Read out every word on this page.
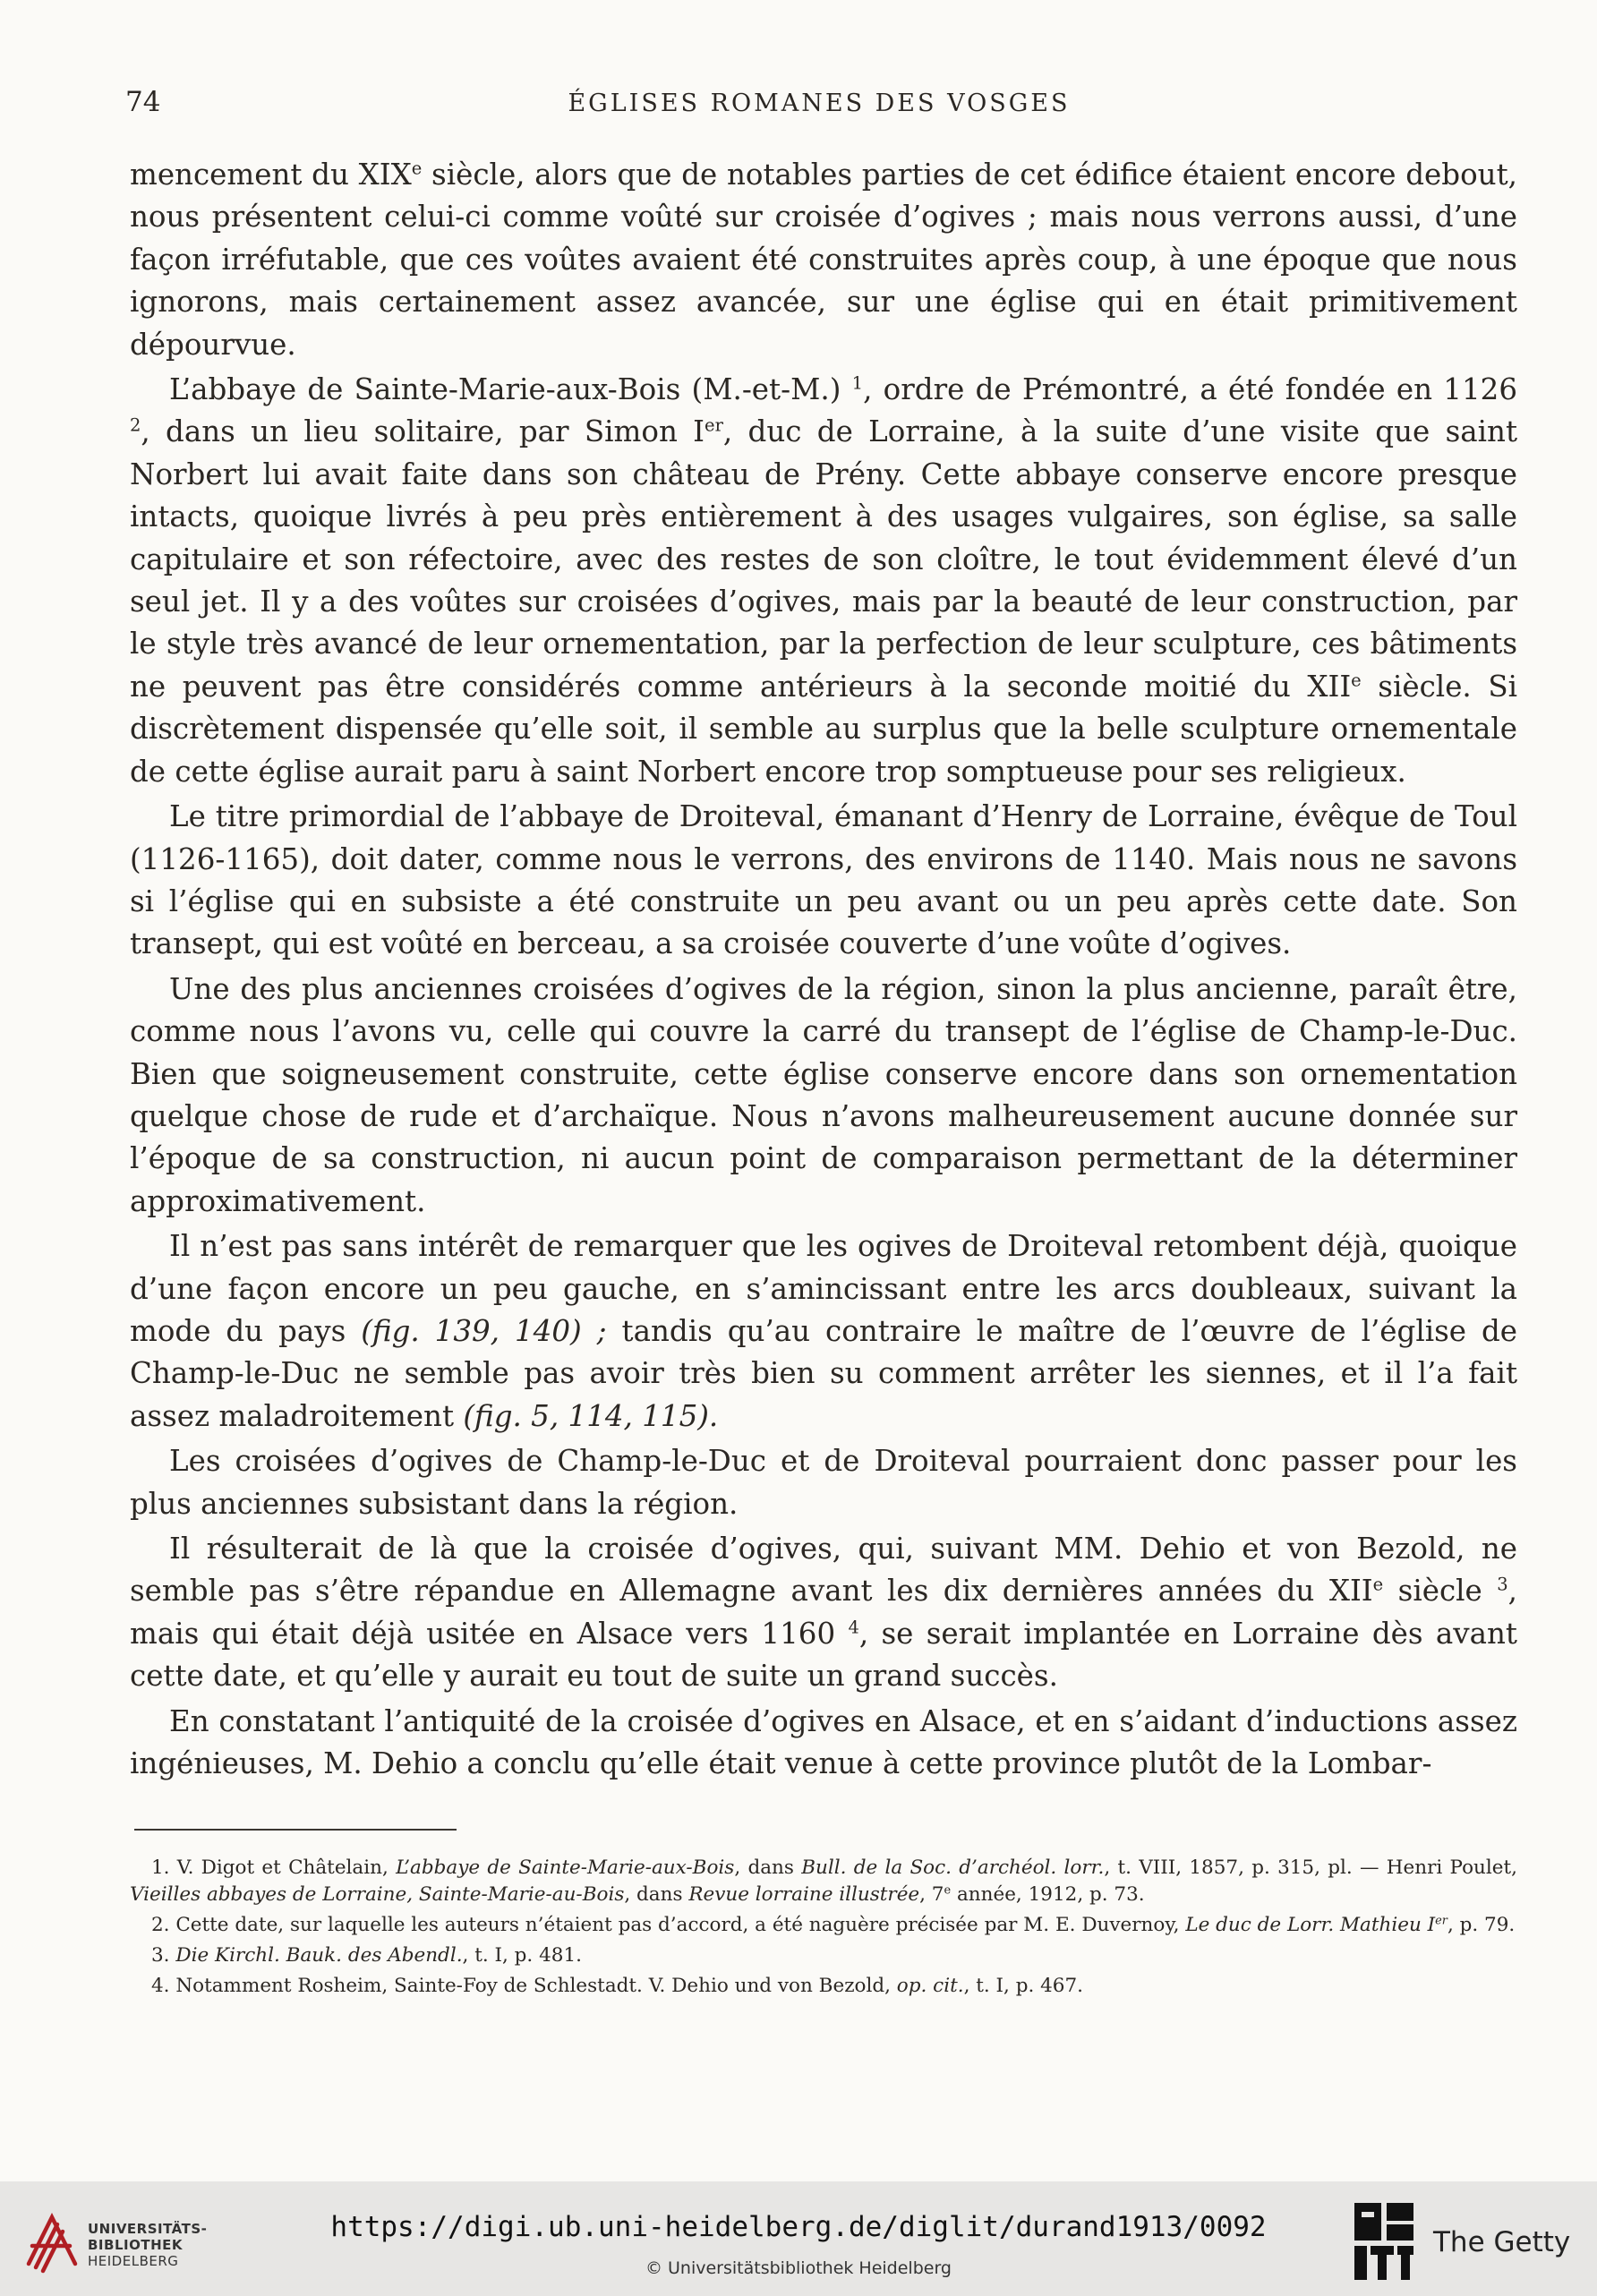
74	ÉGLISES ROMANES DES VOSGES

mencement du XIXe siècle, alors que de notables parties de cet édifice étaient encore debout, nous présentent celui-ci comme voûté sur croisée d’ogives ; mais nous verrons aussi, d’une façon irréfutable, que ces voûtes avaient été construites après coup, à une époque que nous ignorons, mais certainement assez avancée, sur une église qui en était primitivement dépourvue.

L’abbaye de Sainte-Marie-aux-Bois (M.-et-M.) $^1$, ordre de Prémontré, a été fondée en 1126 $^2$, dans un lieu solitaire, par Simon Ier, duc de Lorraine, à la suite d’une visite que saint Norbert lui avait faite dans son château de Prény. Cette abbaye conserve encore presque intacts, quoique livrés à peu près entièrement à des usages vulgaires, son église, sa salle capitulaire et son réfectoire, avec des restes de son cloître, le tout évidemment élevé d’un seul jet. Il y a des voûtes sur croisées d’ogives, mais par la beauté de leur construction, par le style très avancé de leur ornementation, par la perfection de leur sculpture, ces bâtiments ne peuvent pas être considérés comme antérieurs à la seconde moitié du XIIe siècle. Si discrètement dispensée qu’elle soit, il semble au surplus que la belle sculpture ornementale de cette église aurait paru à saint Norbert encore trop somptueuse pour ses religieux.

Le titre primordial de l’abbaye de Droiteval, émanant d’Henry de Lorraine, évêque de Toul (1126-1165), doit dater, comme nous le verrons, des environs de 1140. Mais nous ne savons si l’église qui en subsiste a été construite un peu avant ou un peu après cette date. Son transept, qui est voûté en berceau, a sa croisée couverte d’une voûte d’ogives.

Une des plus anciennes croisées d’ogives de la région, sinon la plus ancienne, paraît être, comme nous l’avons vu, celle qui couvre la carré du transept de l’église de Champ-le-Duc. Bien que soigneusement construite, cette église conserve encore dans son ornementation quelque chose de rude et d’archaïque. Nous n’avons malheureusement aucune donnée sur l’époque de sa construction, ni aucun point de comparaison permettant de la déterminer approximativement.

Il n’est pas sans intérêt de remarquer que les ogives de Droiteval retombent déjà, quoique d’une façon encore un peu gauche, en s’amincissant entre les arcs doubleaux, suivant la mode du pays (fig. 139, 140) ; tandis qu’au contraire le maître de l’œuvre de l’église de Champ-le-Duc ne semble pas avoir très bien su comment arrêter les siennes, et il l’a fait assez maladroitement (fig. 5, 114, 115).

Les croisées d’ogives de Champ-le-Duc et de Droiteval pourraient donc passer pour les plus anciennes subsistant dans la région.

Il résulterait de là que la croisée d’ogives, qui, suivant MM. Dehio et von Bezold, ne semble pas s’être répandue en Allemagne avant les dix dernières années du XIIe siècle $^3$, mais qui était déjà usitée en Alsace vers 1160 $^4$, se serait implantée en Lorraine dès avant cette date, et qu’elle y aurait eu tout de suite un grand succès.

En constatant l’antiquité de la croisée d’ogives en Alsace, et en s’aidant d’inductions assez ingénieuses, M. Dehio a conclu qu’elle était venue à cette province plutôt de la Lombar-

1. V. Digot et Châtelain, L’abbaye de Sainte-Marie-aux-Bois, dans Bull. de la Soc. d’archéol. lorr., t. VIII, 1857, p. 315, pl. — Henri Poulet, Vieilles abbayes de Lorraine, Sainte-Marie-au-Bois, dans Revue lorraine illustrée, 7e année, 1912, p. 73.

2. Cette date, sur laquelle les auteurs n’étaient pas d’accord, a été naguère précisée par M. E. Duvernoy, Le duc de Lorr. Mathieu Ier, p. 79.

3. Die Kirchl. Bauk. des Abendl., t. I, p. 481.

4. Notamment Rosheim, Sainte-Foy de Schlestadt. V. Dehio und von Bezold, op. cit., t. I, p. 467.

UNIVERSITÄTS-
BIBLIOTHEK
HEIDELBERG
https://digi.ub.uni-heidelberg.de/diglit/durand1913/0092
© Universitätsbibliothek Heidelberg
The Getty
